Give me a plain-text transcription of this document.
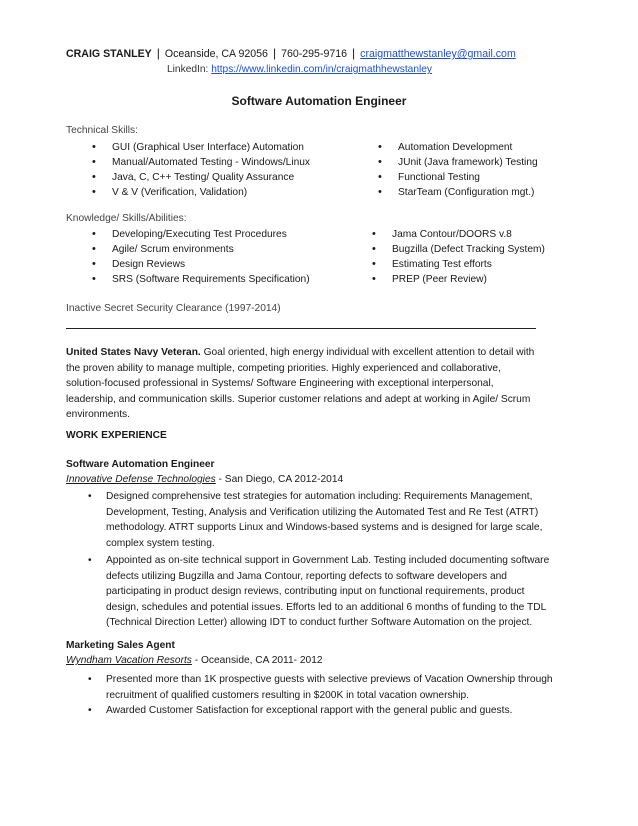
CRAIG STANLEY | Oceanside, CA 92056 | 760-295-9716 | craigmatthewstanley@gmail.com
LinkedIn: https://www.linkedin.com/in/craigmathhewstanley
Software Automation Engineer
Technical Skills:
• GUI (Graphical User Interface) Automation
• Manual/Automated Testing - Windows/Linux
• Java, C, C++ Testing/ Quality Assurance
• V & V (Verification, Validation)
• Automation Development
• JUnit (Java framework) Testing
• Functional Testing
• StarTeam (Configuration mgt.)
Knowledge/ Skills/Abilities:
• Developing/Executing Test Procedures
• Agile/ Scrum environments
• Design Reviews
• SRS (Software Requirements Specification)
• Jama Contour/DOORS v.8
• Bugzilla (Defect Tracking System)
• Estimating Test efforts
• PREP (Peer Review)
Inactive Secret Security Clearance (1997-2014)
United States Navy Veteran. Goal oriented, high energy individual with excellent attention to detail with the proven ability to manage multiple, competing priorities. Highly experienced and collaborative, solution-focused professional in Systems/ Software Engineering with exceptional interpersonal, leadership, and communication skills. Superior customer relations and adept at working in Agile/ Scrum environments.
WORK EXPERIENCE
Software Automation Engineer
Innovative Defense Technologies - San Diego, CA 2012-2014
• Designed comprehensive test strategies for automation including: Requirements Management, Development, Testing, Analysis and Verification utilizing the Automated Test and Re Test (ATRT) methodology. ATRT supports Linux and Windows-based systems and is designed for large scale, complex system testing.
• Appointed as on-site technical support in Government Lab. Testing included documenting software defects utilizing Bugzilla and Jama Contour, reporting defects to software developers and participating in product design reviews, contributing input on functional requirements, product design, schedules and potential issues. Efforts led to an additional 6 months of funding to the TDL (Technical Direction Letter) allowing IDT to conduct further Software Automation on the project.
Marketing Sales Agent
Wyndham Vacation Resorts - Oceanside, CA 2011- 2012
• Presented more than 1K prospective guests with selective previews of Vacation Ownership through recruitment of qualified customers resulting in $200K in total vacation ownership.
• Awarded Customer Satisfaction for exceptional rapport with the general public and guests.
